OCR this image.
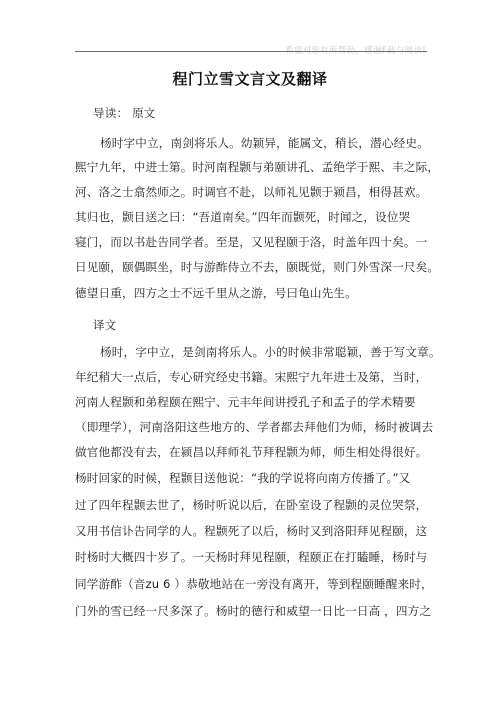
希望对您有所帮助，感谢F载与阅读!
程门立雪文言文及翻译
导读： 原文
杨时字中立，南剑将乐人。幼颖异，能属文，稍长，潜心经史。
熙宁九年，中进士第。时河南程颢与弟颐讲孔、孟绝学于熙、丰之际，
河、洛之士翕然师之。时调官不赴，以师礼见颢于颍昌，相得甚欢。
其归也，颢目送之曰：“吾道南矣。”四年而颢死，时闻之，设位哭
寝门，而以书赴告同学者。至是，又见程颐于洛，时盖年四十矣。一
日见颐，颐偶瞑坐，时与游酢侍立不去，颐既觉，则门外雪深一尺矣。
德望日重，四方之士不远千里从之游，号曰龟山先生。
译文
杨时，字中立，是剑南将乐人。小的时候非常聪颖，善于写文章。
年纪稍大一点后，专心研究经史书籍。宋熙宁九年进士及第，当时，
河南人程颢和弟程颐在熙宁、元丰年间讲授孔子和孟子的学术精要
（即理学），河南洛阳这些地方的、学者都去拜他们为师，杨时被调去
做官他都没有去，在颍昌以拜师礼节拜程颢为师，师生相处得很好。
杨时回家的时候，程颢目送他说：“我的学说将向南方传播了。”又
过了四年程颢去世了，杨时听说以后，在卧室设了程颢的灵位哭祭，
又用书信讣告同学的人。程颢死了以后，杨时又到洛阳拜见程颐，这
时杨时大概四十岁了。一天杨时拜见程颐，程颐正在打瞌睡，杨时与
同学游酢（音zu 6 ）恭敬地站在一旁没有离开，等到程颐睡醒来时，
门外的雪已经一尺多深了。杨时的德行和威望一日比一日高 ，四方之
